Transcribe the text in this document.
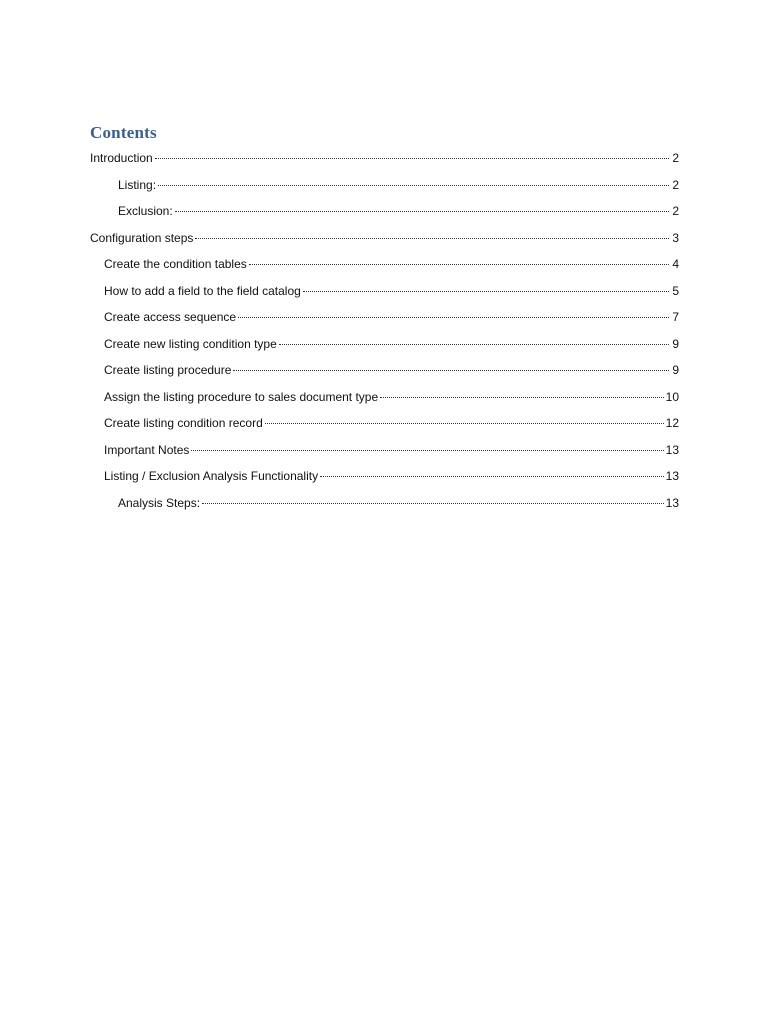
Contents
Introduction	2
Listing:	2
Exclusion:	2
Configuration steps	3
Create the condition tables	4
How to add a field to the field catalog	5
Create access sequence	7
Create new listing condition type	9
Create listing procedure	9
Assign the listing procedure to sales document type	10
Create listing condition record	12
Important Notes	13
Listing / Exclusion Analysis Functionality	13
Analysis Steps:	13
